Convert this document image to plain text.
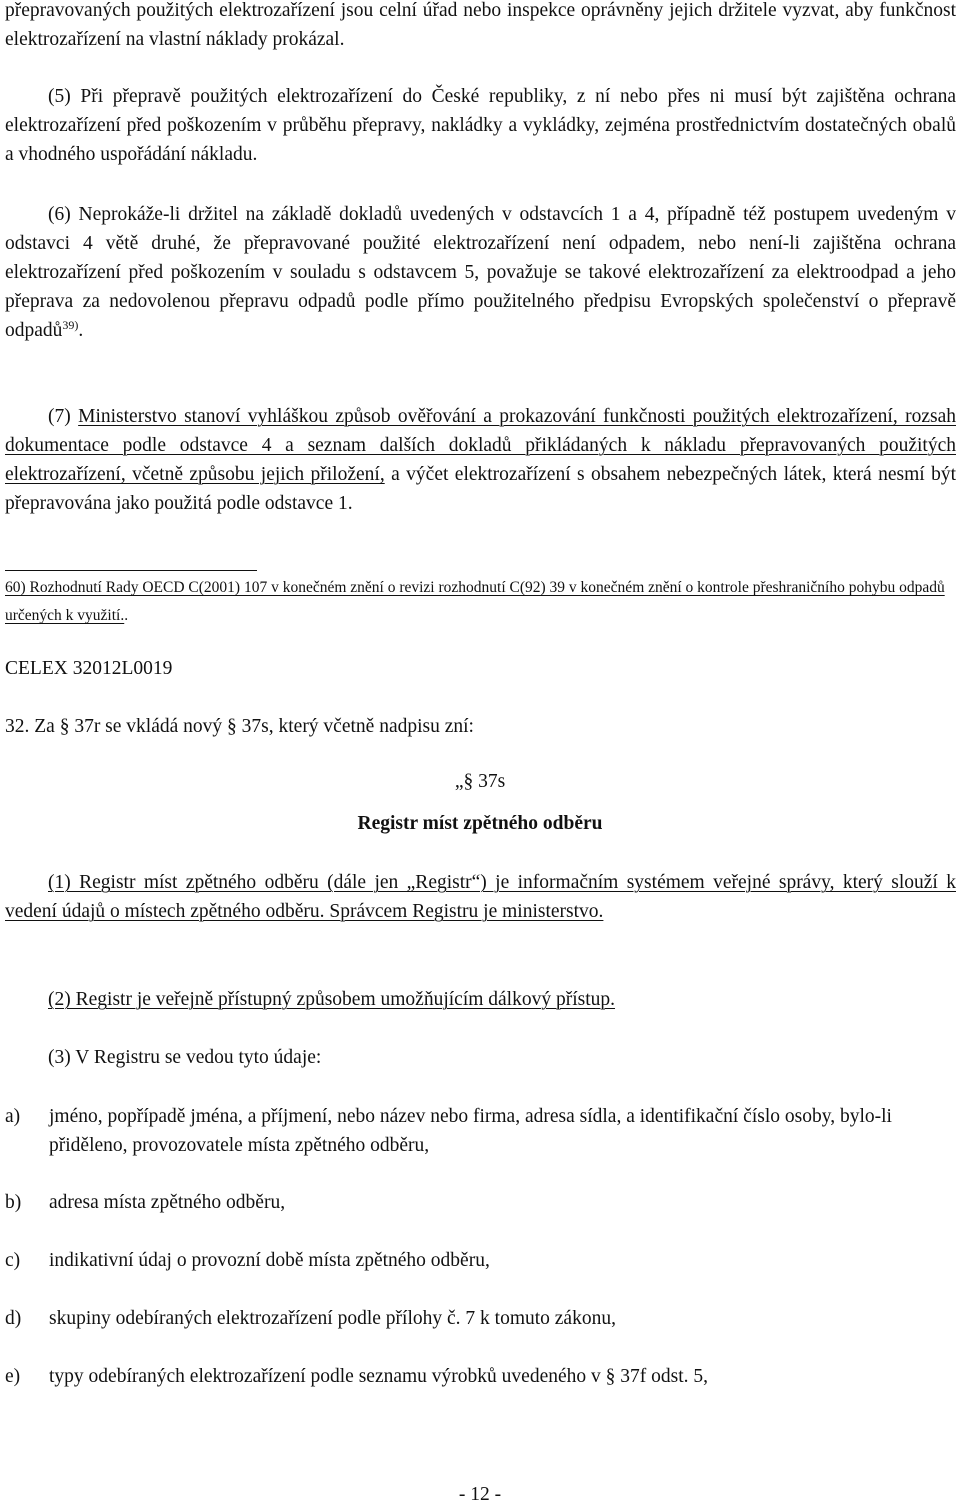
přepravovaných použitých elektrozařízení jsou celní úřad nebo inspekce oprávněny jejich držitele vyzvat, aby funkčnost elektrozařízení na vlastní náklady prokázal.
(5) Při přepravě použitých elektrozařízení do České republiky, z ní nebo přes ni musí být zajištěna ochrana elektrozařízení před poškozením v průběhu přepravy, nakládky a vykládky, zejména prostřednictvím dostatečných obalů a vhodného uspořádání nákladu.
(6) Neprokáže-li držitel na základě dokladů uvedených v odstavcích 1 a 4, případně též postupem uvedeným v odstavci 4 větě druhé, že přepravované použité elektrozařízení není odpadem, nebo není-li zajištěna ochrana elektrozařízení před poškozením v souladu s odstavcem 5, považuje se takové elektrozařízení za elektroodpad a jeho přeprava za nedovolenou přepravu odpadů podle přímo použitelného předpisu Evropských společenství o přepravě odpadů$^{39)}$.
(7) Ministerstvo stanoví vyhláškou způsob ověřování a prokazování funkčnosti použitých elektrozařízení, rozsah dokumentace podle odstavce 4 a seznam dalších dokladů přikládaných k nákladu přepravovaných použitých elektrozařízení, včetně způsobu jejich přiložení, a výčet elektrozařízení s obsahem nebezpečných látek, která nesmí být přepravována jako použitá podle odstavce 1.
60) Rozhodnutí Rady OECD C(2001) 107 v konečném znění o revizi rozhodnutí C(92) 39 v konečném znění o kontrole přeshraničního pohybu odpadů určených k využití..
CELEX 32012L0019
32. Za § 37r se vkládá nový § 37s, který včetně nadpisu zní:
„§ 37s
Registr míst zpětného odběru
(1) Registr míst zpětného odběru (dále jen „Registr“) je informačním systémem veřejné správy, který slouží k vedení údajů o místech zpětného odběru. Správcem Registru je ministerstvo.
(2) Registr je veřejně přístupný způsobem umožňujícím dálkový přístup.
(3) V Registru se vedou tyto údaje:
a)	jméno, popřípadě jména, a příjmení, nebo název nebo firma, adresa sídla, a identifikační číslo osoby, bylo-li přiděleno, provozovatele místa zpětného odběru,
b)	adresa místa zpětného odběru,
c)	indikativní údaj o provozní době místa zpětného odběru,
d)	skupiny odebíraných elektrozařízení podle přílohy č. 7 k tomuto zákonu,
e)	typy odebíraných elektrozařízení podle seznamu výrobků uvedeného v § 37f odst. 5,
- 12 -
